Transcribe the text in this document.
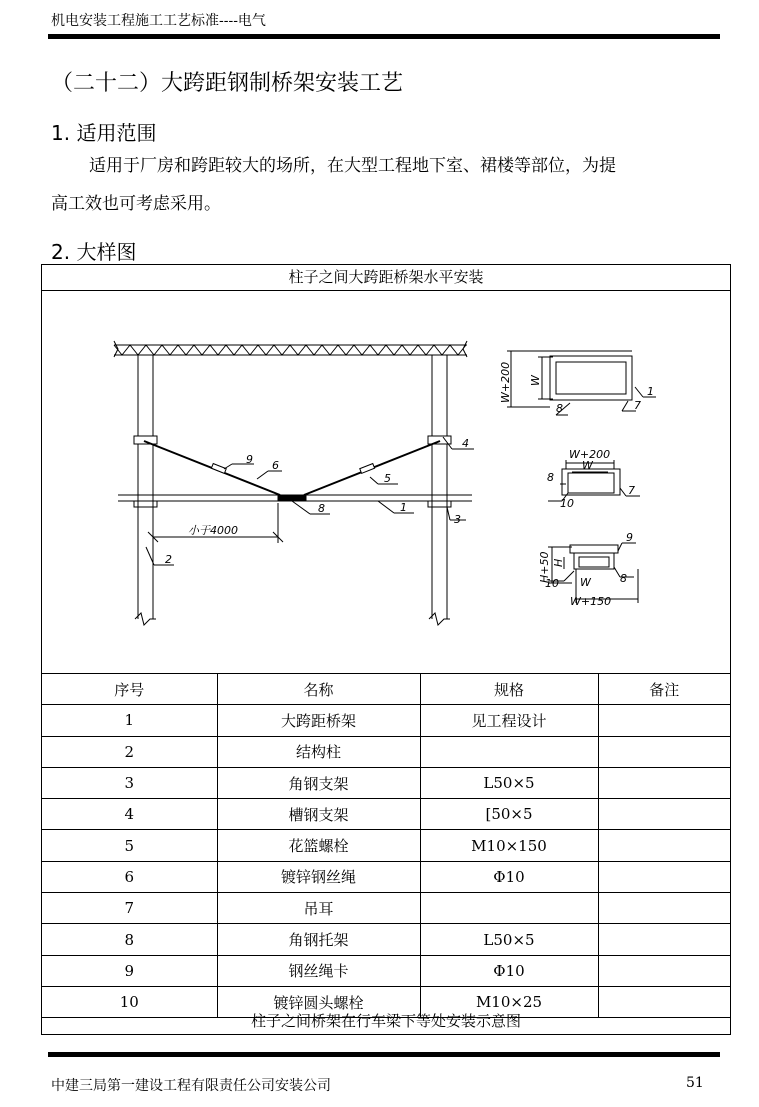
机电安装工程施工工艺标准----电气
（二十二）大跨距钢制桥架安装工艺
1. 适用范围

适用于厂房和跨距较大的场所，在大型工程地下室、裙楼等部位，为提

高工效也可考虑采用。

2. 大样图
柱子之间大跨距桥架水平安装
9 6
5
4
8	1
3
2
小于4000
W+200 W
1
7
8
W+200
W
8
7
10
H+50 H
9
W	8
10
W+150
序号	名称	规格	备注
1	大跨距桥架	见工程设计	
2	结构柱		
3	角钢支架	L50×5	
4	槽钢支架	[50×5	
5	花篮螺栓	M10×150	
6	镀锌钢丝绳	Φ10	
7	吊耳		
8	角钢托架	L50×5	
9	钢丝绳卡	Φ10	
10	镀锌圆头螺栓	M10×25	
柱子之间桥架在行车梁下等处安装示意图
中建三局第一建设工程有限责任公司安装公司	51
